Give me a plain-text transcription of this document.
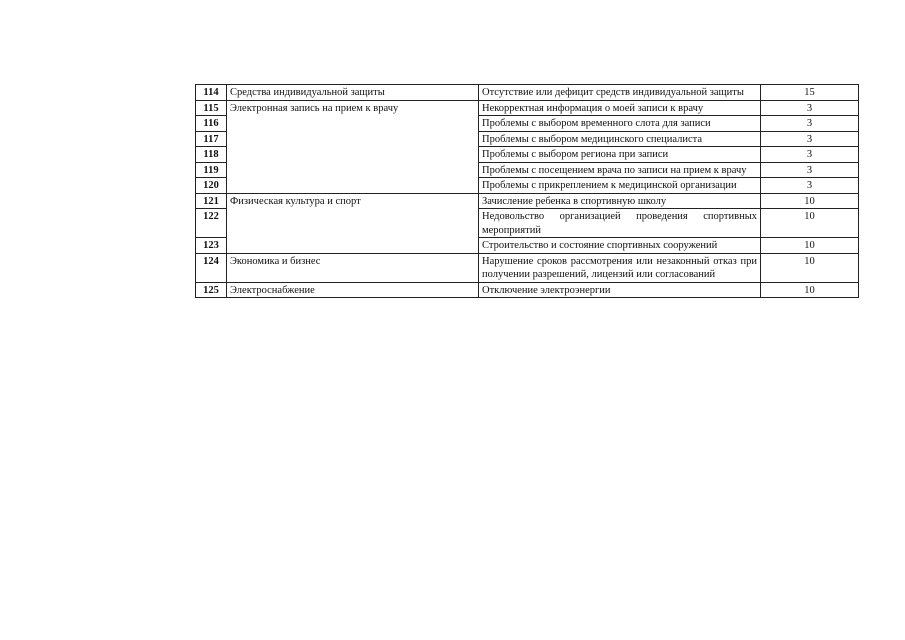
114	Средства индивидуальной защиты	Отсутствие или дефицит средств индивидуальной защиты	15
115	Электронная запись на прием к врачу	Некорректная информация о моей записи к врачу	3
116		Проблемы с выбором временного слота для записи	3
117		Проблемы с выбором медицинского специалиста	3
118		Проблемы с выбором региона при записи	3
119		Проблемы с посещением врача по записи на прием к врачу	3
120		Проблемы с прикреплением к медицинской организации	3
121	Физическая культура и спорт	Зачисление ребенка в спортивную школу	10
122		Недовольство организацией проведения спортивных мероприятий	10
123		Строительство и состояние спортивных сооружений	10
124	Экономика и бизнес	Нарушение сроков рассмотрения или незаконный отказ при получении разрешений, лицензий или согласований	10
125	Электроснабжение	Отключение электроэнергии	10
